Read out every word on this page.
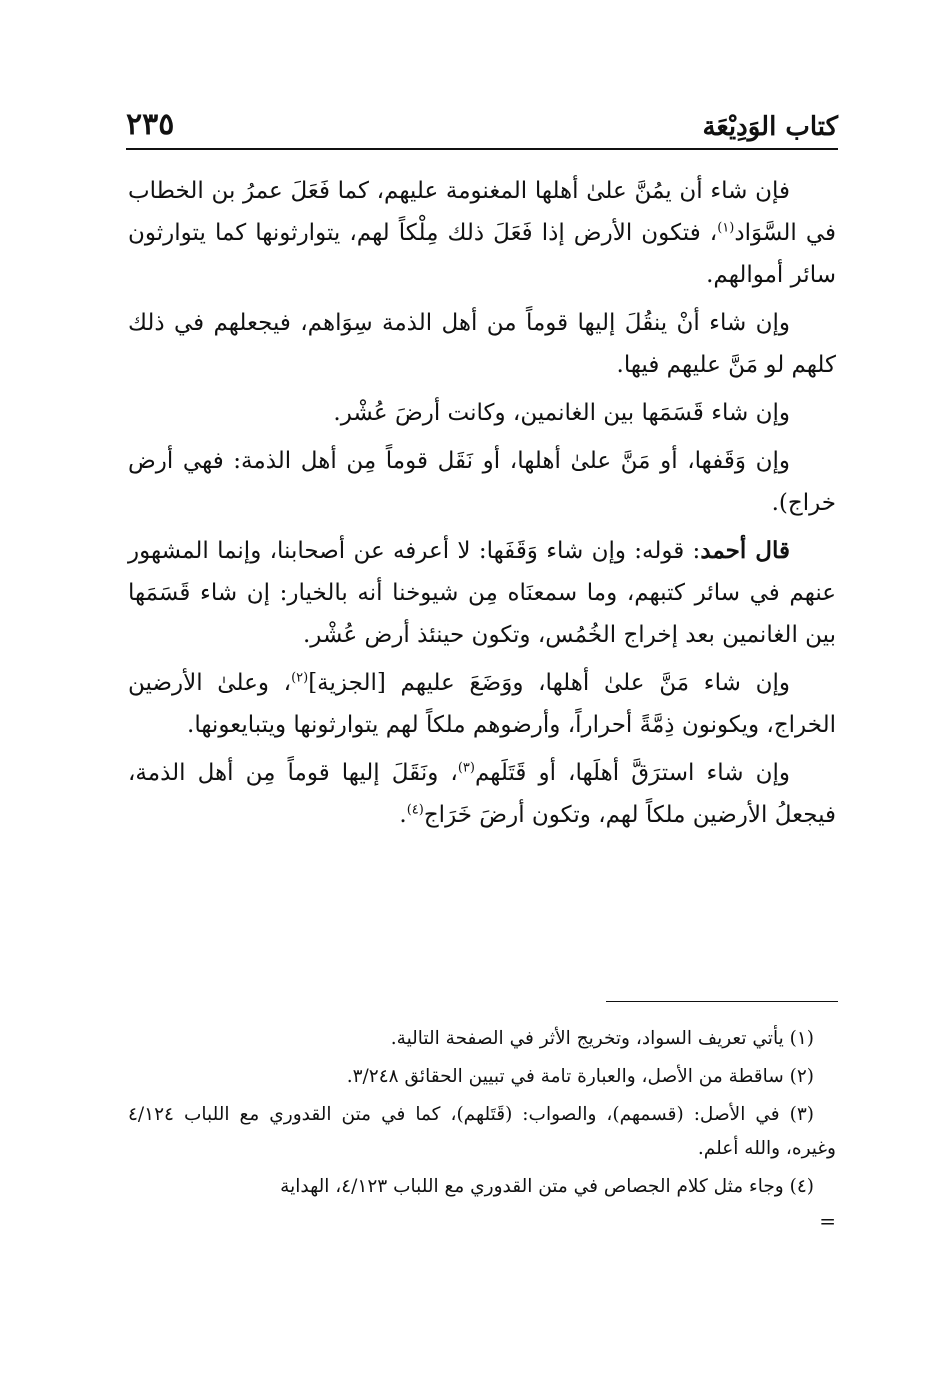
كتاب الوَدِيْعَة
٢٣٥

فإن شاء أن يمُنَّ علىٰ أهلها المغنومة عليهم، كما فَعَلَ عمرُ بن الخطاب في السَّوَاد$^{(١)}$، فتكون الأرض إذا فَعَلَ ذلك مِلْكاً لهم، يتوارثونها كما يتوارثون سائر أموالهم.

وإن شاء أنْ ينقُلَ إليها قوماً من أهل الذمة سِوَاهم، فيجعلهم في ذلك كلهم لو مَنَّ عليهم فيها.

وإن شاء قَسَمَها بين الغانمين، وكانت أرضَ عُشْر.

وإن وَقَفها، أو مَنَّ علىٰ أهلها، أو نَقَل قوماً مِن أهل الذمة: فهي أرض خراج).

قال أحمد: قوله: وإن شاء وَقَفَها: لا أعرفه عن أصحابنا، وإنما المشهور عنهم في سائر كتبهم، وما سمعنَاه مِن شيوخنا أنه بالخيار: إن شاء قَسَمَها بين الغانمين بعد إخراج الخُمُس، وتكون حينئذ أرض عُشْر.

وإن شاء مَنَّ علىٰ أهلها، ووَضَعَ عليهم [الجزية]$^{(٢)}$، وعلىٰ الأرضين الخراج، ويكونون ذِمَّةً أحراراً، وأرضوهم ملكاً لهم يتوارثونها ويتبايعونها.

وإن شاء استرَقَّ أهلَها، أو قَتَلَهم$^{(٣)}$، ونَقَلَ إليها قوماً مِن أهل الذمة، فيجعلُ الأرضين ملكاً لهم، وتكون أرضَ خَرَاج$^{(٤)}$.

(١) يأتي تعريف السواد، وتخريج الأثر في الصفحة التالية.

(٢) ساقطة من الأصل، والعبارة تامة في تبيين الحقائق ٣/٢٤٨.

(٣) في الأصل: (قسمهم)، والصواب: (قَتَلهم)، كما في متن القدوري مع اللباب ٤/١٢٤ وغيره، والله أعلم.

(٤) وجاء مثل كلام الجصاص في متن القدوري مع اللباب ٤/١٢٣، الهداية

=
